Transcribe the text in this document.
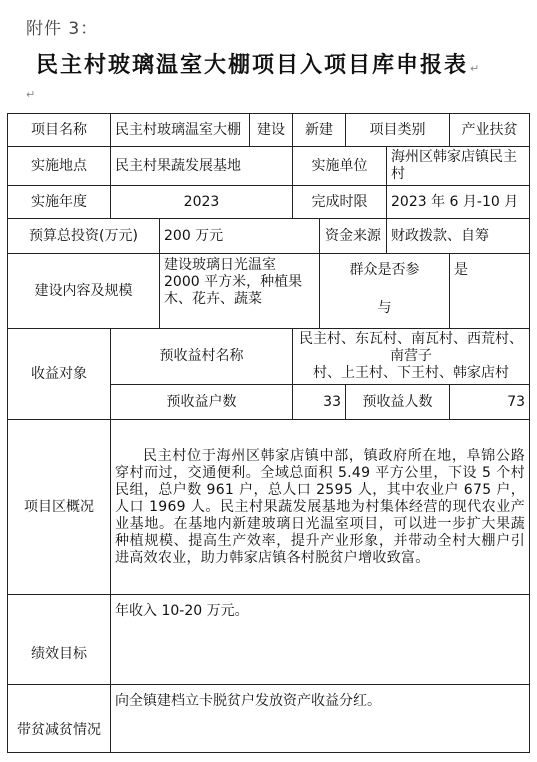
附件 3：
民主村玻璃温室大棚项目入项目库申报表 ↵
↵
项目名称	民主村玻璃温室大棚		建设	新建		项目类别		产业扶贫
实施地点	民主村果蔬发展基地			实施单位			海州区韩家店镇民主村	
实施年度	2023			完成时限			2023 年 6 月-10 月	
预算总投资(万元)		200 万元			资金来源		财政拨款、自筹	
建设内容及规模		建设玻璃日光温室 2000 平方米，种植果木、花卉、蔬菜			群众是否参
与			是
收益对象	预收益村名称			民主村、东瓦村、南瓦村、西荒村、南营子
村、上王村、下王村、韩家店村				

	预收益户数			33		预收益人数		73
项目区概况	民主村位于海州区韩家店镇中部，镇政府所在地，阜锦公路穿村而过，交通便利。全域总面积 5.49 平方公里，下设 5 个村民组，总户数 961 户，总人口 2595 人，其中农业户 675 户，人口 1969 人。民主村果蔬发展基地为村集体经营的现代农业产业基地。在基地内新建玻璃日光温室项目，可以进一步扩大果蔬种植规模、提高生产效率，提升产业形象，并带动全村大棚户引进高效农业，助力韩家店镇各村脱贫户增收致富。							
绩效目标	年收入 10-20 万元。							
带贫减贫情况	向全镇建档立卡脱贫户发放资产收益分红。							
